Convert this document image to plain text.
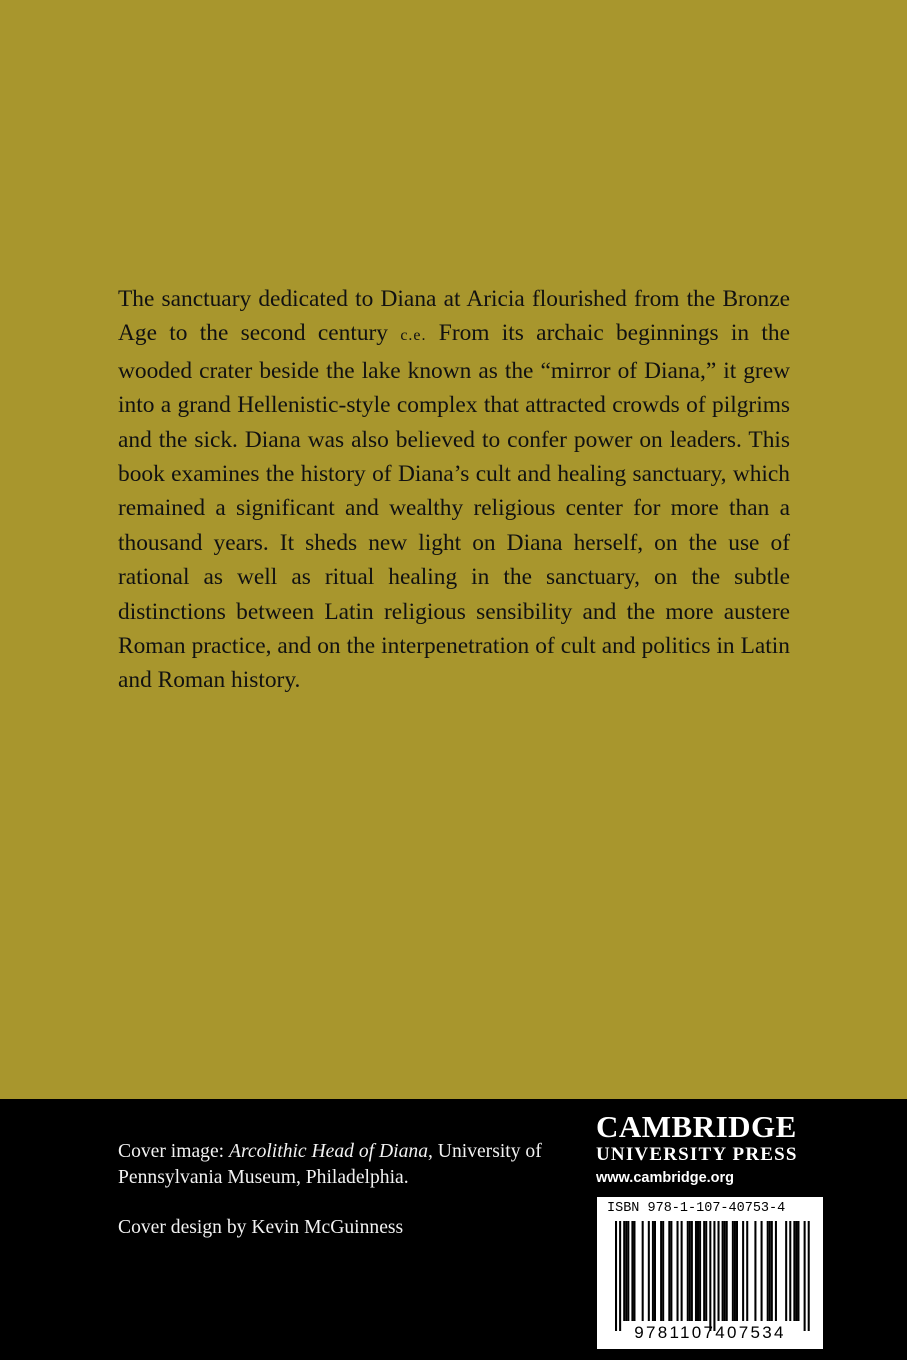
The sanctuary dedicated to Diana at Aricia flourished from the Bronze Age to the second century c.e. From its archaic beginnings in the wooded crater beside the lake known as the “mirror of Diana,” it grew into a grand Hellenistic-style complex that attracted crowds of pilgrims and the sick. Diana was also believed to confer power on leaders. This book examines the history of Diana’s cult and healing sanctuary, which remained a significant and wealthy religious center for more than a thousand years. It sheds new light on Diana herself, on the use of rational as well as ritual healing in the sanctuary, on the subtle distinctions between Latin religious sensibility and the more austere Roman practice, and on the interpenetration of cult and politics in Latin and Roman history.

Cover image: Arcolithic Head of Diana, University of Pennsylvania Museum, Philadelphia.

Cover design by Kevin McGuinness

CAMBRIDGE
UNIVERSITY PRESS
www.cambridge.org
ISBN 978-1-107-40753-4
9781107407534
